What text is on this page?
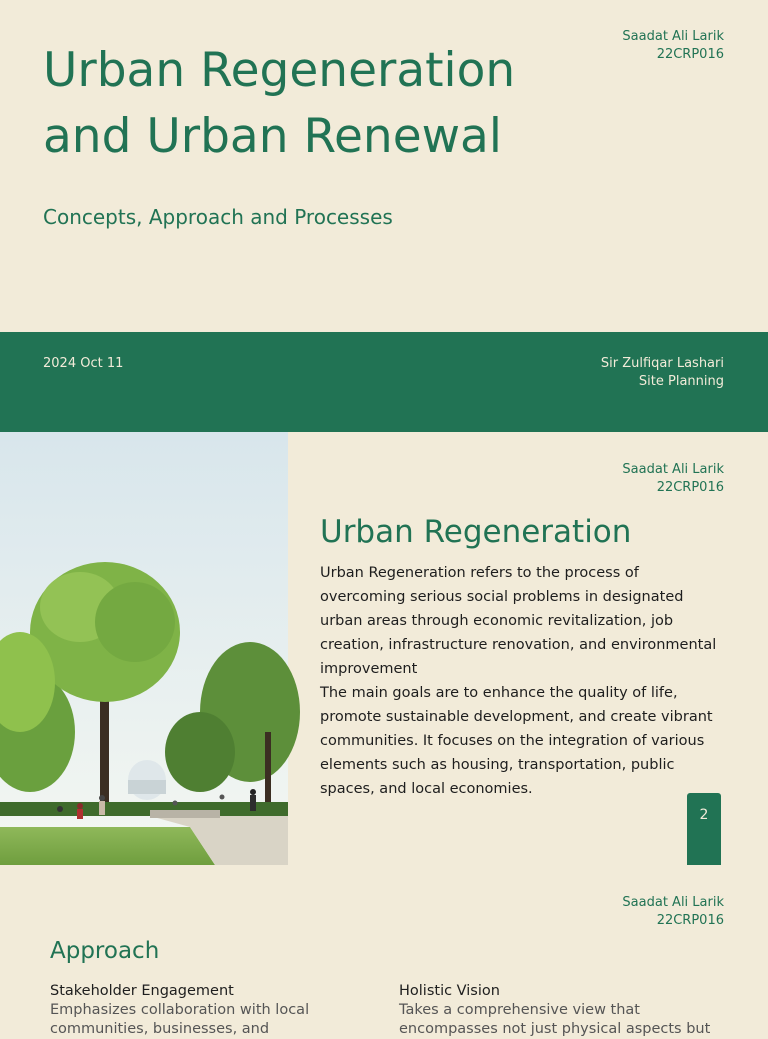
Saadat Ali Larik
22CRP016
Urban Regeneration
and Urban Renewal
Concepts, Approach and Processes
2024 Oct 11	Sir Zulfiqar Lashari
Site Planning
Saadat Ali Larik
22CRP016
Urban Regeneration

Urban Regeneration refers to the process of overcoming serious social problems in designated urban areas through economic revitalization, job creation, infrastructure renovation, and environmental improvement

The main goals are to enhance the quality of life, promote sustainable development, and create vibrant communities. It focuses on the integration of various elements such as housing, transportation, public spaces, and local economies.

2
Saadat Ali Larik
22CRP016
Approach
Stakeholder Engagement
Emphasizes collaboration with local communities, businesses, and
Holistic Vision
Takes a comprehensive view that encompasses not just physical aspects but
